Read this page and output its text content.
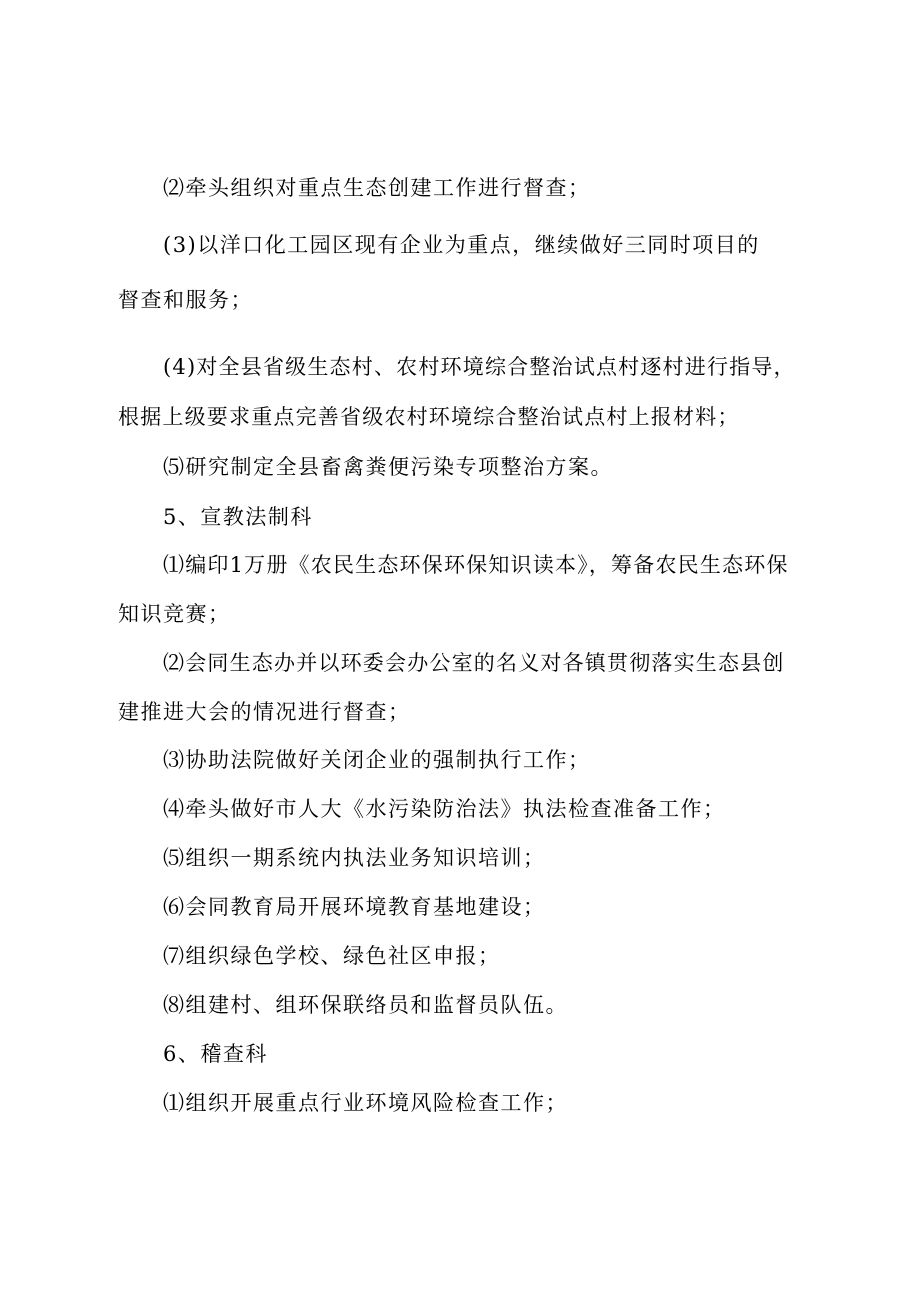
⑵牵头组织对重点生态创建工作进行督查；
(3)以洋口化工园区现有企业为重点，继续做好三同时项目的
督查和服务；
(4)对全县省级生态村、农村环境综合整治试点村逐村进行指导，
根据上级要求重点完善省级农村环境综合整治试点村上报材料；
⑸研究制定全县畜禽粪便污染专项整治方案。
5、宣教法制科
⑴编印1万册《农民生态环保环保知识读本》，筹备农民生态环保
知识竞赛；
⑵会同生态办并以环委会办公室的名义对各镇贯彻落实生态县创
建推进大会的情况进行督查；
⑶协助法院做好关闭企业的强制执行工作；
⑷牵头做好市人大《水污染防治法》执法检查准备工作；
⑸组织一期系统内执法业务知识培训；
⑹会同教育局开展环境教育基地建设；
⑺组织绿色学校、绿色社区申报；
⑻组建村、组环保联络员和监督员队伍。
6、稽查科
⑴组织开展重点行业环境风险检查工作；
